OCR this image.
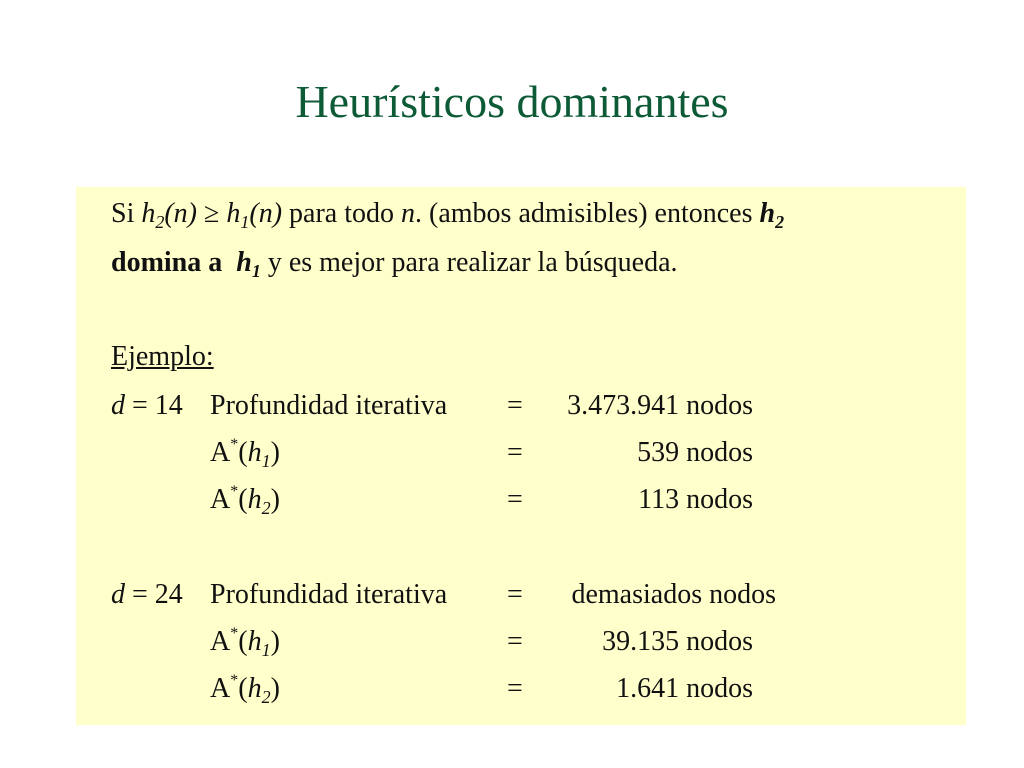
Heurísticos dominantes
Si $h_2(n) \ge h_1(n)$ para todo n. (ambos admisibles) entonces $h_2$
domina a $h_1$ y es mejor para realizar la búsqueda.
Ejemplo:
d = 14 Profundidad iterativa =	3.473.941 nodos
$A^*(h_1)$	=	539 nodos
$A^*(h_2)$	=	113 nodos
d = 24 Profundidad iterativa =	demasiados nodos
$A^*(h_1)$	=	39.135 nodos
$A^*(h_2)$	=	1.641 nodos
